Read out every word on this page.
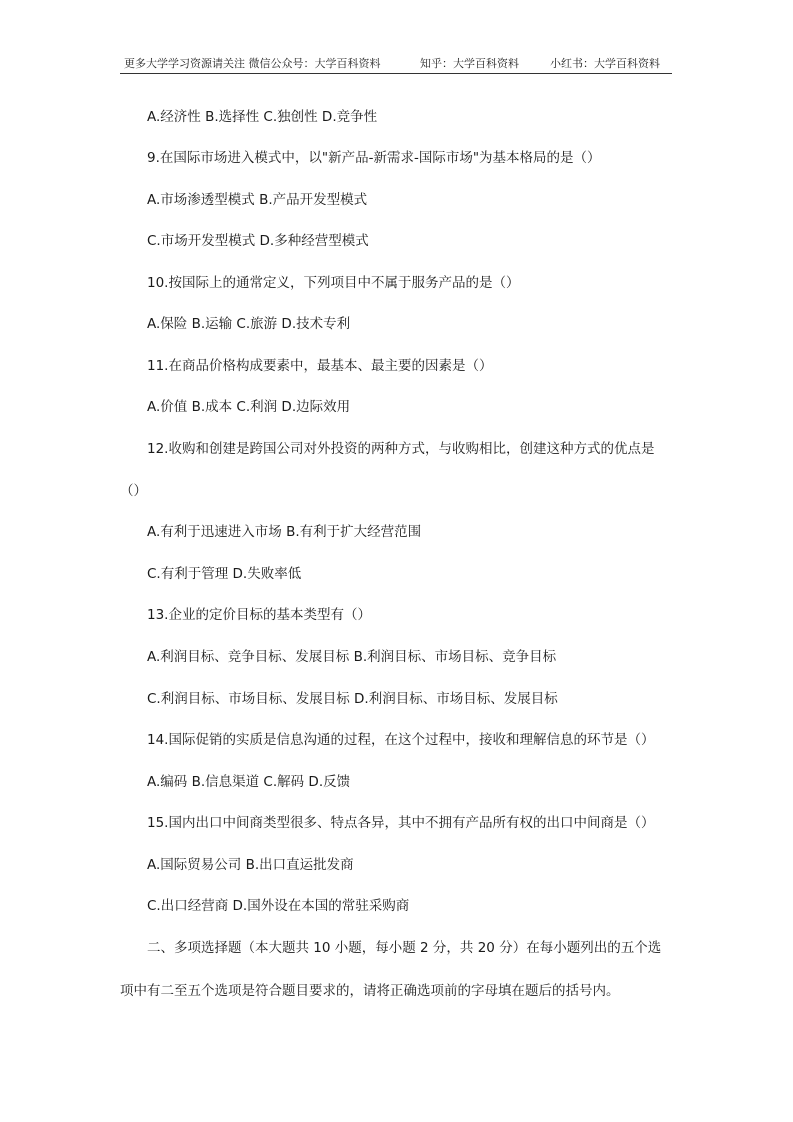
更多大学学习资源请关注 微信公众号：大学百科资料	知乎：大学百科资料	小红书：大学百科资料
A.经济性 B.选择性 C.独创性 D.竞争性
9.在国际市场进入模式中，以"新产品-新需求-国际市场"为基本格局的是（）
A.市场渗透型模式 B.产品开发型模式
C.市场开发型模式 D.多种经营型模式
10.按国际上的通常定义，下列项目中不属于服务产品的是（）
A.保险 B.运输 C.旅游 D.技术专利
11.在商品价格构成要素中，最基本、最主要的因素是（）
A.价值 B.成本 C.利润 D.边际效用
12.收购和创建是跨国公司对外投资的两种方式，与收购相比，创建这种方式的优点是
（）
A.有利于迅速进入市场 B.有利于扩大经营范围
C.有利于管理 D.失败率低
13.企业的定价目标的基本类型有（）
A.利润目标、竞争目标、发展目标 B.利润目标、市场目标、竞争目标
C.利润目标、市场目标、发展目标 D.利润目标、市场目标、发展目标
14.国际促销的实质是信息沟通的过程，在这个过程中，接收和理解信息的环节是（）
A.编码 B.信息渠道 C.解码 D.反馈
15.国内出口中间商类型很多、特点各异，其中不拥有产品所有权的出口中间商是（）
A.国际贸易公司 B.出口直运批发商
C.出口经营商 D.国外设在本国的常驻采购商
二、多项选择题（本大题共 10 小题，每小题 2 分，共 20 分）在每小题列出的五个选
项中有二至五个选项是符合题目要求的，请将正确选项前的字母填在题后的括号内。
